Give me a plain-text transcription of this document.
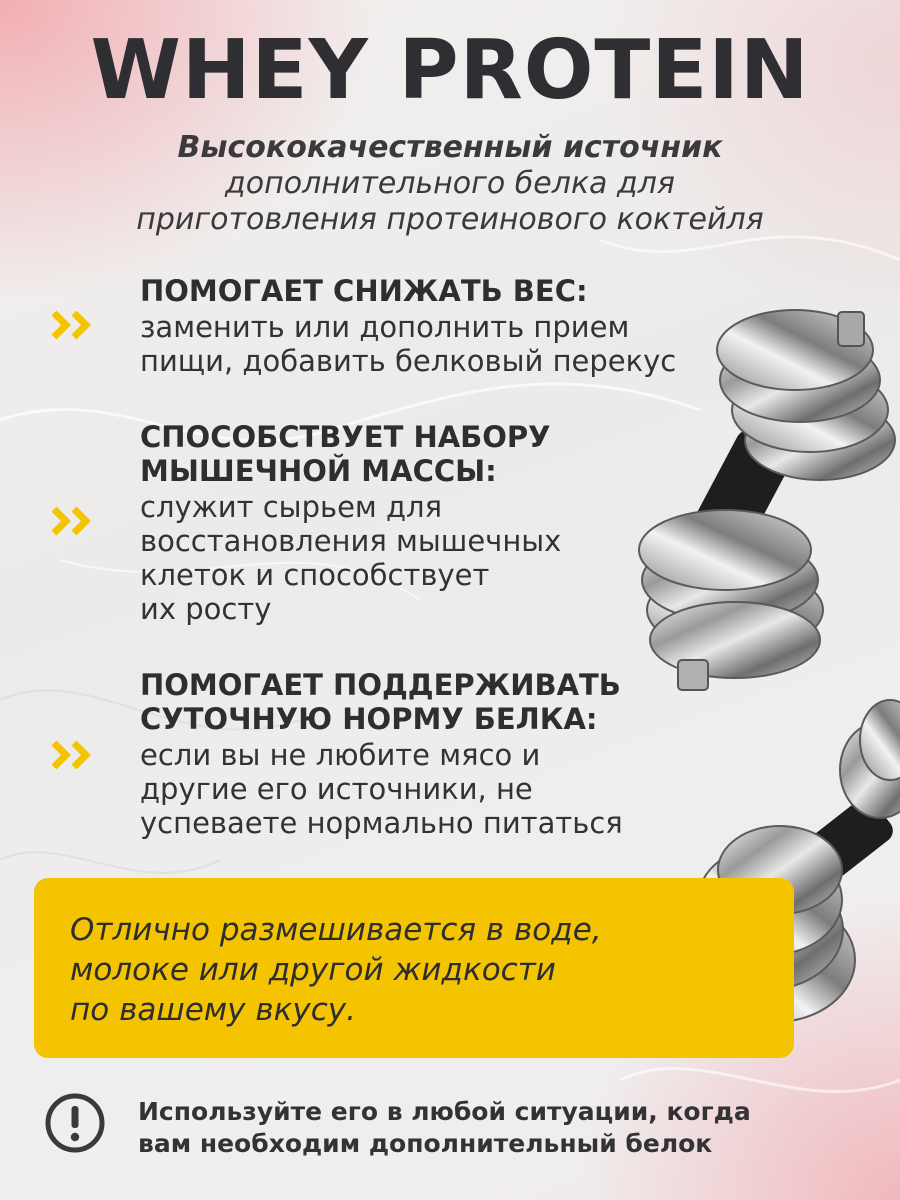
WHEY PROTEIN
Высококачественный источник
дополнительного белка для
приготовления протеинового коктейля
ПОМОГАЕТ СНИЖАТЬ ВЕС:
заменить или дополнить прием
пищи, добавить белковый перекус
СПОСОБСТВУЕТ НАБОРУ
МЫШЕЧНОЙ МАССЫ:
служит сырьем для
восстановления мышечных
клеток и способствует
их росту
ПОМОГАЕТ ПОДДЕРЖИВАТЬ
СУТОЧНУЮ НОРМУ БЕЛКА:
если вы не любите мясо и
другие его источники, не
успеваете нормально питаться
Отлично размешивается в воде,
молоке или другой жидкости
по вашему вкусу.
Используйте его в любой ситуации, когда
вам необходим дополнительный белок
